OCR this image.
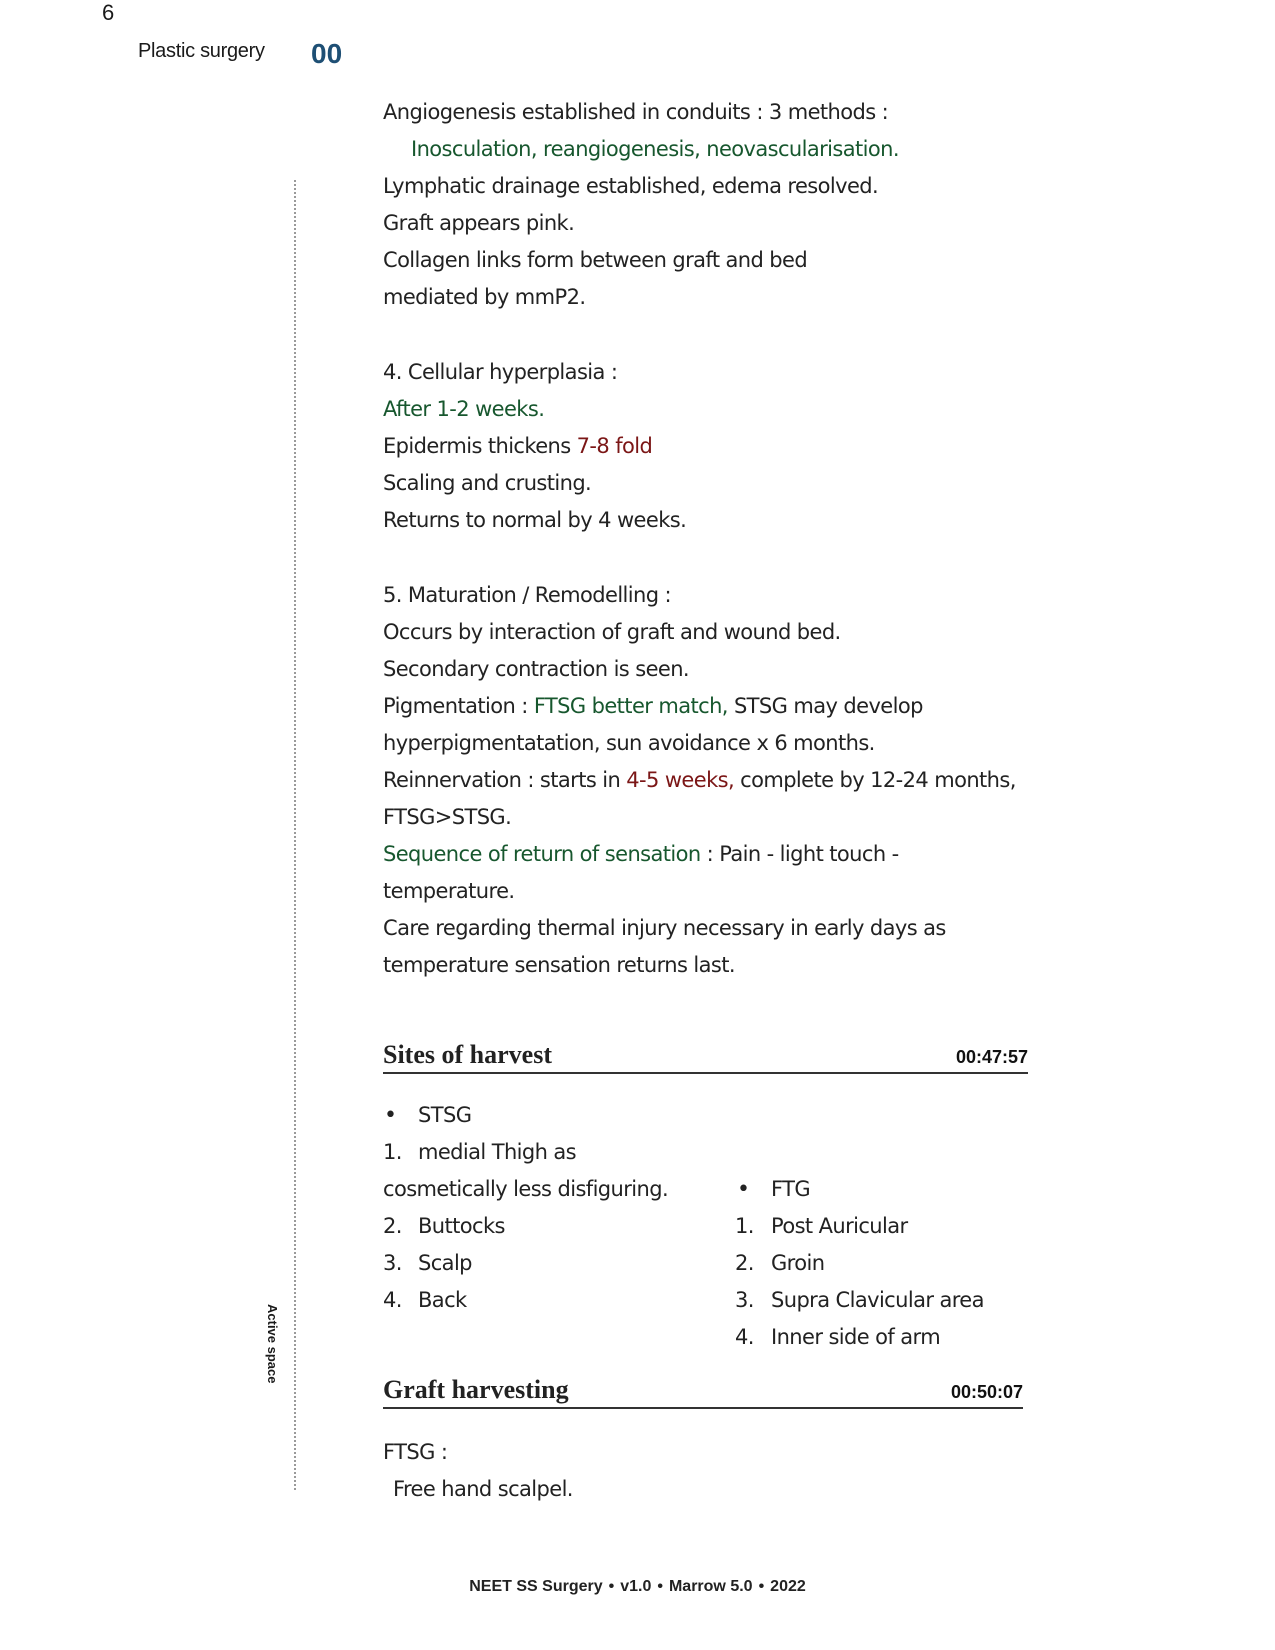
6
Plastic surgery 00
Active space
Angiogenesis established in conduits : 3 methods :
Inosculation, reangiogenesis, neovascularisation.
Lymphatic drainage established, edema resolved.
Graft appears pink.
Collagen links form between graft and bed
mediated by mmP2.
4. Cellular hyperplasia :
After 1-2 weeks.
Epidermis thickens 7-8 fold
Scaling and crusting.
Returns to normal by 4 weeks.
5. Maturation / Remodelling :
Occurs by interaction of graft and wound bed.
Secondary contraction is seen.
Pigmentation : FTSG better match, STSG may develop
hyperpigmentatation, sun avoidance x 6 months.
Reinnervation : starts in 4-5 weeks, complete by 12-24 months,
FTSG>STSG.
Sequence of return of sensation : Pain - light touch -
temperature.
Care regarding thermal injury necessary in early days as
temperature sensation returns last.
Sites of harvest	00:47:57
• STSG
1. medial Thigh as
cosmetically less disfiguring.
2. Buttocks
3. Scalp
4. Back
• FTG
1. Post Auricular
2. Groin
3. Supra Clavicular area
4. Inner side of arm
Graft harvesting	00:50:07
FTSG :
Free hand scalpel.
NEET SS Surgery • v1.0 • Marrow 5.0 • 2022
